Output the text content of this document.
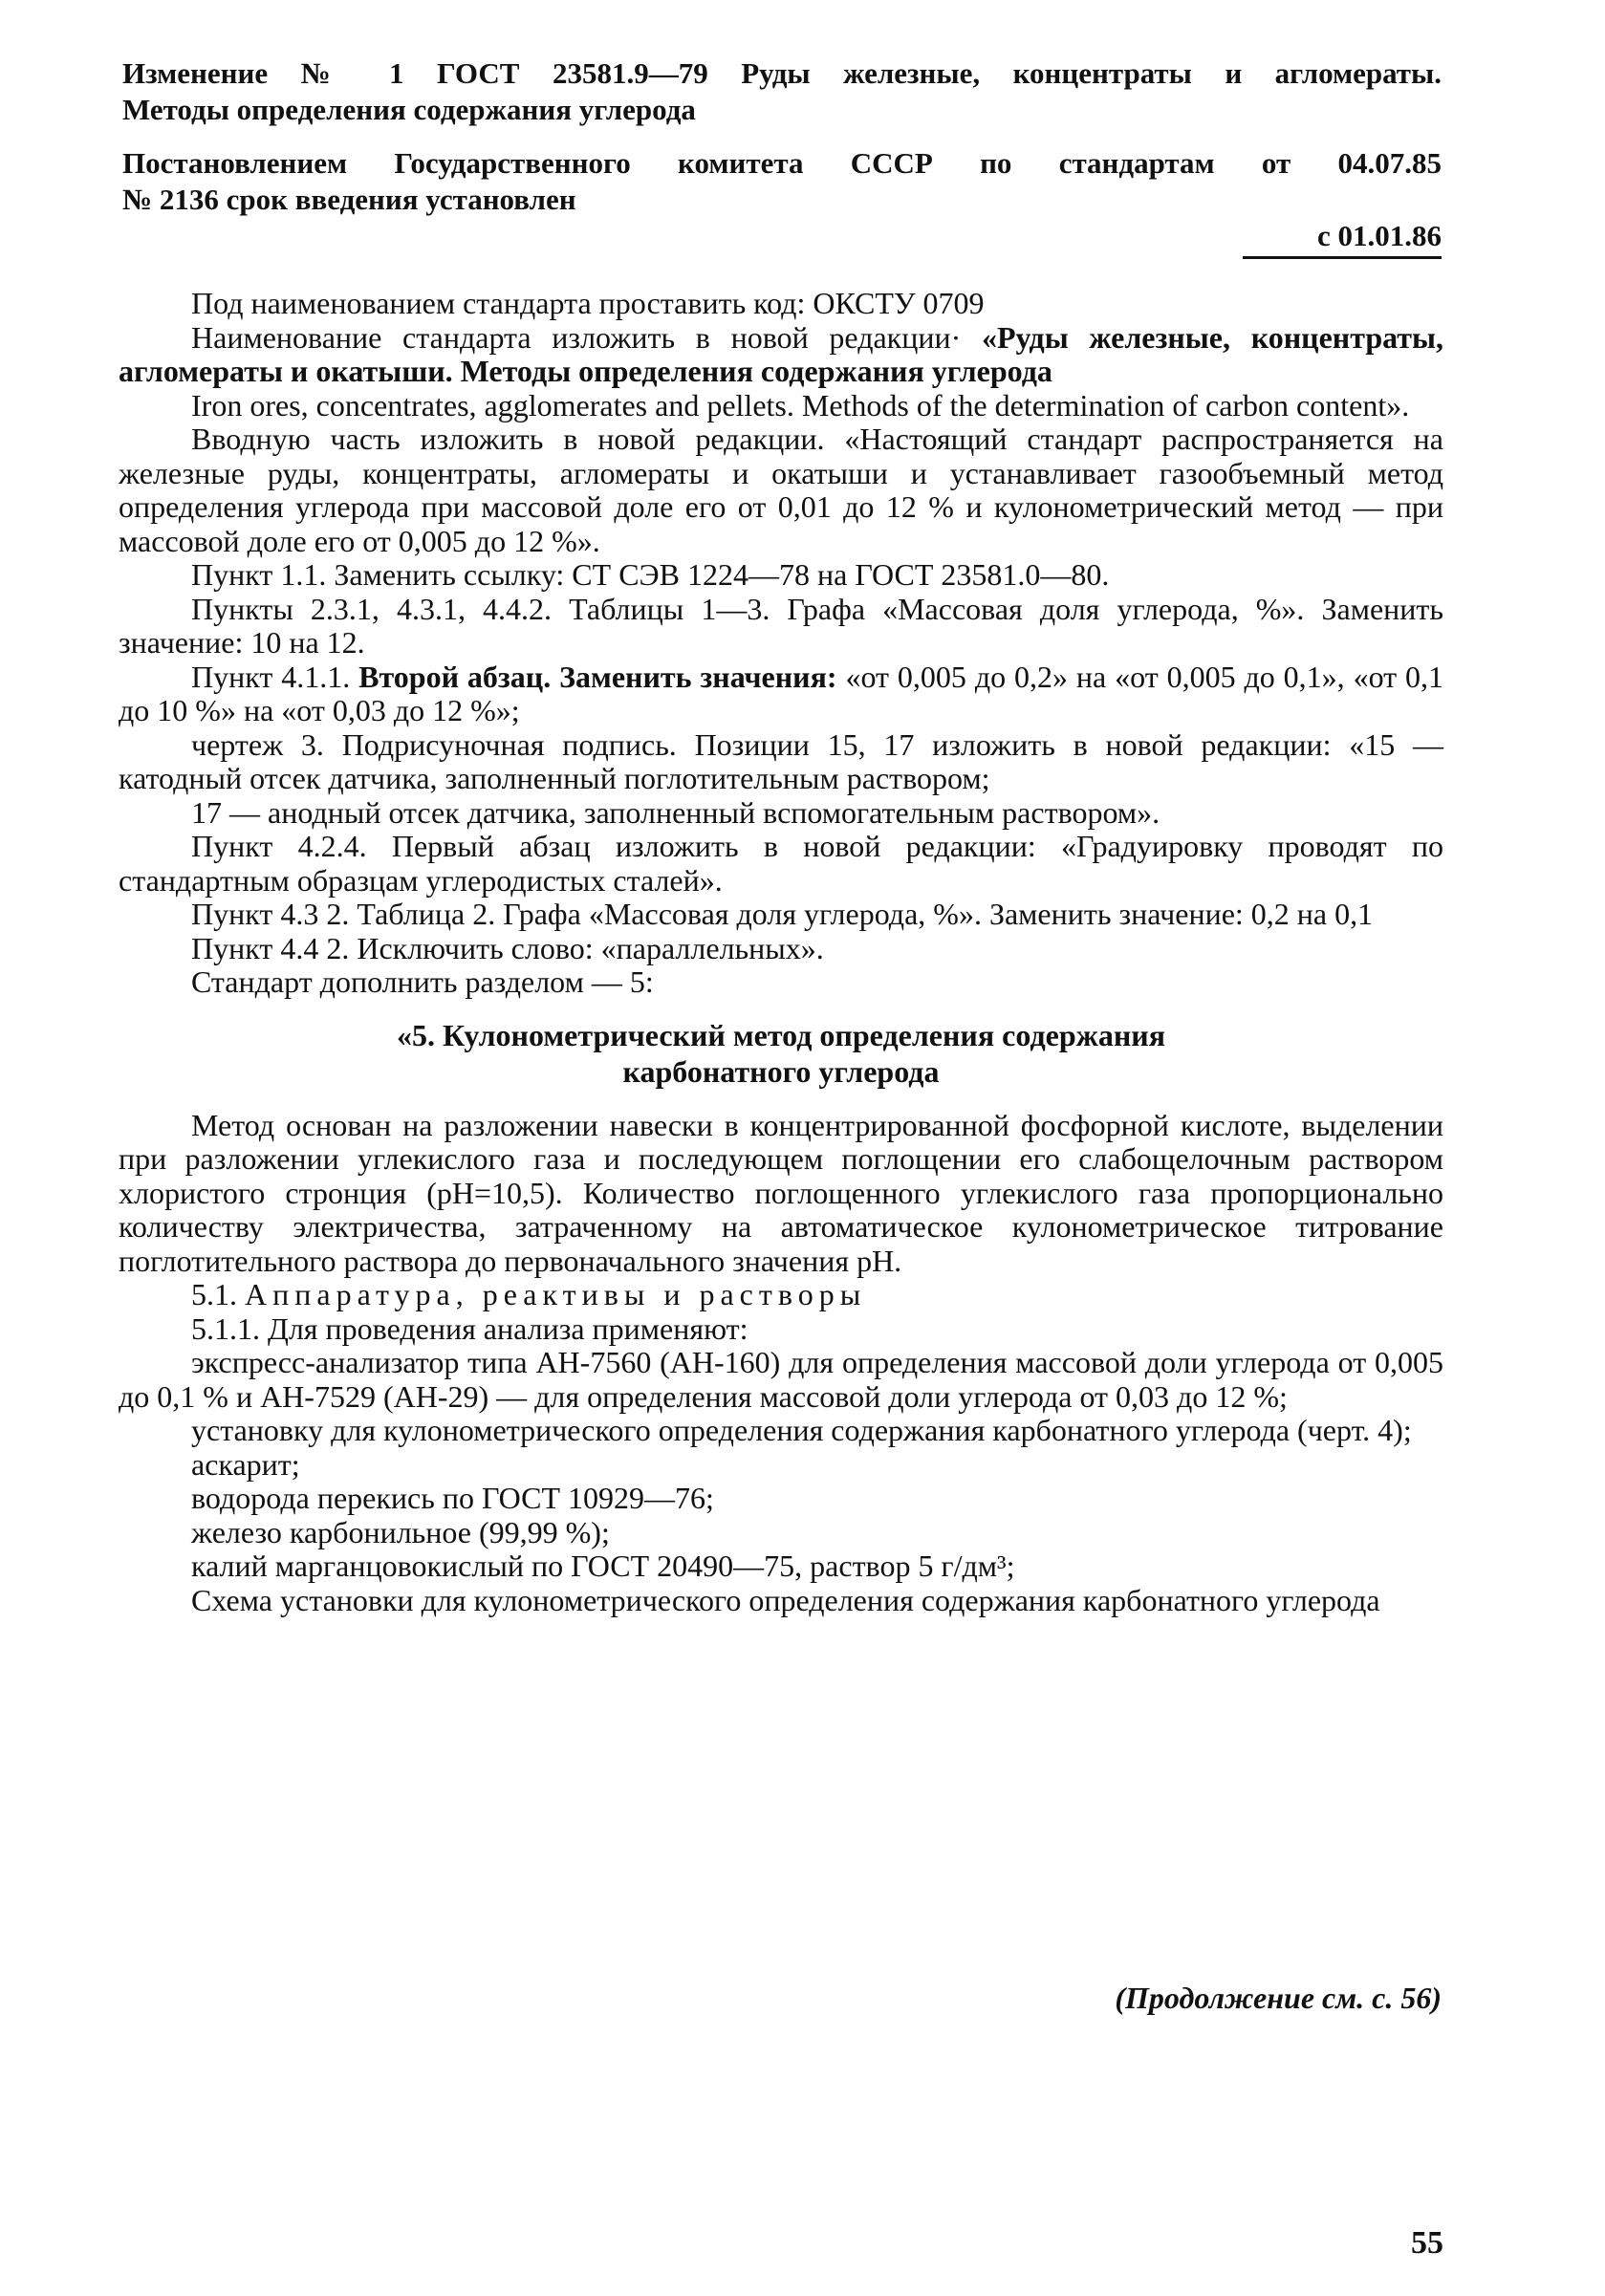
Изменение № 1 ГОСТ 23581.9—79 Руды железные, концентраты и агломераты.
Методы определения содержания углерода
Постановлением Государственного комитета СССР по стандартам от 04.07.85
№ 2136 срок введения установлен
с 01.01.86

Под наименованием стандарта проставить код: ОКСТУ 0709

Наименование стандарта изложить в новой редакции· «Руды железные, концентраты, агломераты и окатыши. Методы определения содержания углерода

Iron ores, concentrates, agglomerates and pellets. Methods of the determination of carbon content».

Вводную часть изложить в новой редакции. «Настоящий стандарт распространяется на железные руды, концентраты, агломераты и окатыши и устанавливает газообъемный метод определения углерода при массовой доле его от 0,01 до 12 % и кулонометрический метод — при массовой доле его от 0,005 до 12 %».

Пункт 1.1. Заменить ссылку: СТ СЭВ 1224—78 на ГОСТ 23581.0—80.

Пункты 2.3.1, 4.3.1, 4.4.2. Таблицы 1—3. Графа «Массовая доля углерода, %». Заменить значение: 10 на 12.

Пункт 4.1.1. Второй абзац. Заменить значения: «от 0,005 до 0,2» на «от 0,005 до 0,1», «от 0,1 до 10 %» на «от 0,03 до 12 %»;

чертеж 3. Подрисуночная подпись. Позиции 15, 17 изложить в новой редакции: «15 — катодный отсек датчика, заполненный поглотительным раствором;

17 — анодный отсек датчика, заполненный вспомогательным раствором».

Пункт 4.2.4. Первый абзац изложить в новой редакции: «Градуировку проводят по стандартным образцам углеродистых сталей».

Пункт 4.3 2. Таблица 2. Графа «Массовая доля углерода, %». Заменить значение: 0,2 на 0,1

Пункт 4.4 2. Исключить слово: «параллельных».

Стандарт дополнить разделом — 5:

«5. Кулонометрический метод определения содержания
карбонатного углерода

Метод основан на разложении навески в концентрированной фосфорной кислоте, выделении при разложении углекислого газа и последующем поглощении его слабощелочным раствором хлористого стронция (pH=10,5). Количество поглощенного углекислого газа пропорционально количеству электричества, затраченному на автоматическое кулонометрическое титрование поглотительного раствора до первоначального значения pH.

5.1. Аппаратура, реактивы и растворы

5.1.1. Для проведения анализа применяют:

экспресс-анализатор типа АН-7560 (АН-160) для определения массовой доли углерода от 0,005 до 0,1 % и АН-7529 (АН-29) — для определения массовой доли углерода от 0,03 до 12 %;

установку для кулонометрического определения содержания карбонатного углерода (черт. 4);

аскарит;

водорода перекись по ГОСТ 10929—76;

железо карбонильное (99,99 %);

калий марганцовокислый по ГОСТ 20490—75, раствор 5 г/дм³;

Схема установки для кулонометрического определения содержания карбонатного углерода

(Продолжение см. с. 56)
55
